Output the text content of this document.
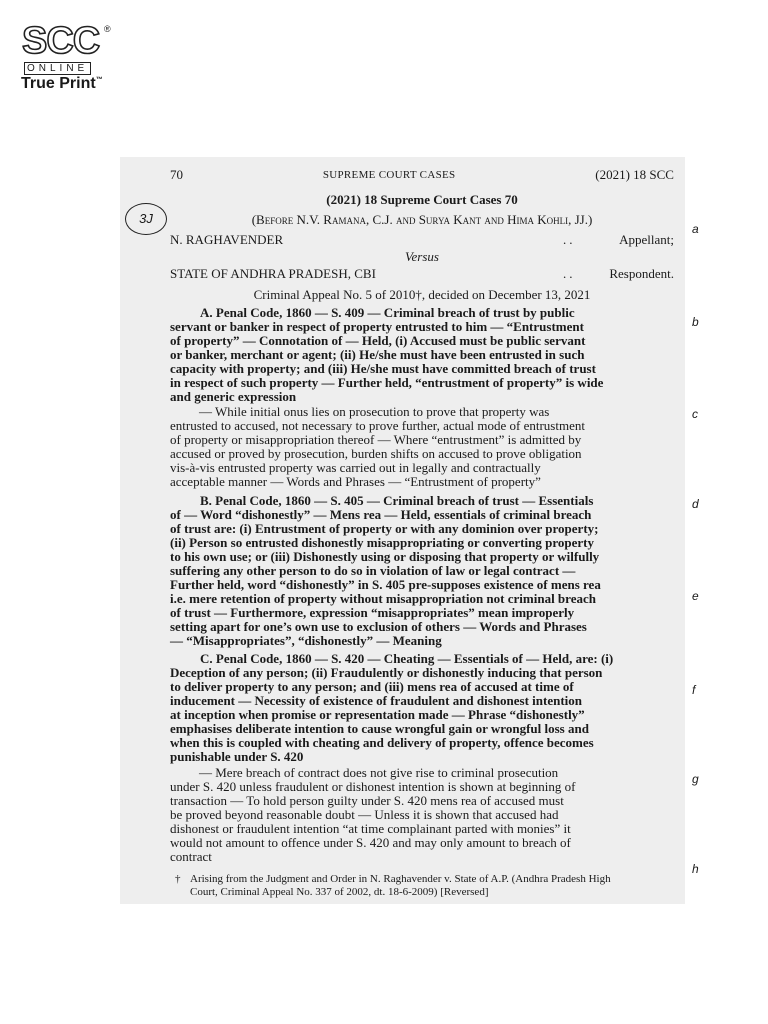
SCC ®
ONLINE
True Print™
70	SUPREME COURT CASES	(2021) 18 SCC
(2021) 18 Supreme Court Cases 70
3J	(Before N.V. Ramana, C.J. and Surya Kant and Hima Kohli, JJ.)
N. RAGHAVENDER	..	Appellant;
Versus
STATE OF ANDHRA PRADESH, CBI	..	Respondent.
Criminal Appeal No. 5 of 2010†, decided on December 13, 2021
A. Penal Code, 1860 — S. 409 — Criminal breach of trust by public
servant or banker in respect of property entrusted to him — “Entrustment
of property” — Connotation of — Held, (i) Accused must be public servant
or banker, merchant or agent; (ii) He/she must have been entrusted in such
capacity with property; and (iii) He/she must have committed breach of trust
in respect of such property — Further held, “entrustment of property” is wide
and generic expression
— While initial onus lies on prosecution to prove that property was
entrusted to accused, not necessary to prove further, actual mode of entrustment
of property or misappropriation thereof — Where “entrustment” is admitted by
accused or proved by prosecution, burden shifts on accused to prove obligation
vis-à-vis entrusted property was carried out in legally and contractually
acceptable manner — Words and Phrases — “Entrustment of property”
B. Penal Code, 1860 — S. 405 — Criminal breach of trust — Essentials
of — Word “dishonestly” — Mens rea — Held, essentials of criminal breach
of trust are: (i) Entrustment of property or with any dominion over property;
(ii) Person so entrusted dishonestly misappropriating or converting property
to his own use; or (iii) Dishonestly using or disposing that property or wilfully
suffering any other person to do so in violation of law or legal contract —
Further held, word “dishonestly” in S. 405 pre-supposes existence of mens rea
i.e. mere retention of property without misappropriation not criminal breach
of trust — Furthermore, expression “misappropriates” mean improperly
setting apart for one’s own use to exclusion of others — Words and Phrases
— “Misappropriates”, “dishonestly” — Meaning
C. Penal Code, 1860 — S. 420 — Cheating — Essentials of — Held, are: (i)
Deception of any person; (ii) Fraudulently or dishonestly inducing that person
to deliver property to any person; and (iii) mens rea of accused at time of
inducement — Necessity of existence of fraudulent and dishonest intention
at inception when promise or representation made — Phrase “dishonestly”
emphasises deliberate intention to cause wrongful gain or wrongful loss and
when this is coupled with cheating and delivery of property, offence becomes
punishable under S. 420
— Mere breach of contract does not give rise to criminal prosecution
under S. 420 unless fraudulent or dishonest intention is shown at beginning of
transaction — To hold person guilty under S. 420 mens rea of accused must
be proved beyond reasonable doubt — Unless it is shown that accused had
dishonest or fraudulent intention “at time complainant parted with monies” it
would not amount to offence under S. 420 and may only amount to breach of
contract
† Arising from the Judgment and Order in N. Raghavender v. State of A.P. (Andhra Pradesh High
Court, Criminal Appeal No. 337 of 2002, dt. 18-6-2009) [Reversed]
a
b
c
d
e
f
g
h
